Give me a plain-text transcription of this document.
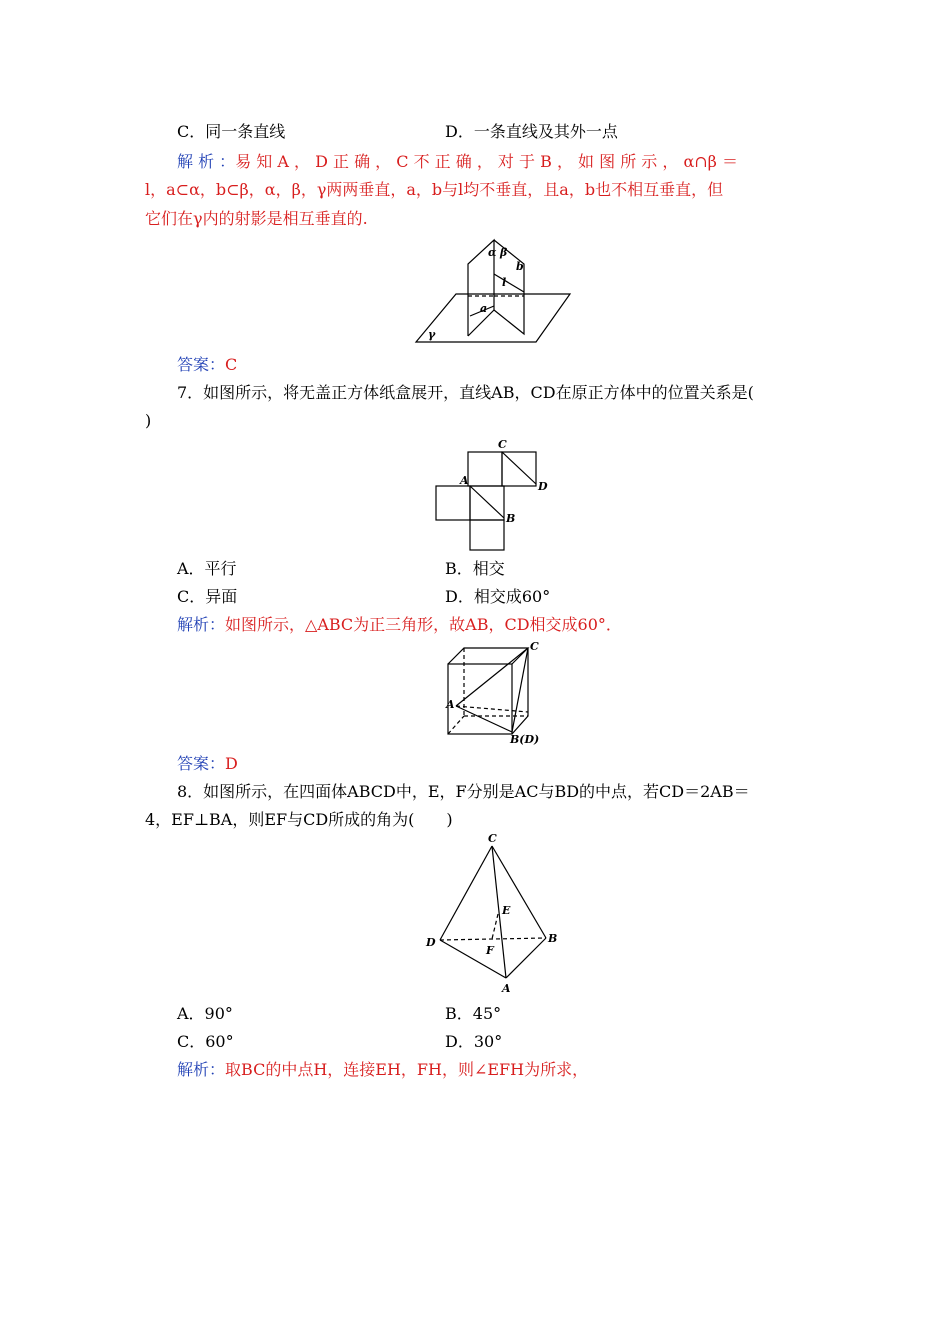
C．同一条直线	D．一条直线及其外一点
解 析 ：易 知 A ， D 正 确 ， C 不 正 确 ， 对 于 B ， 如 图 所 示 ， α∩β ＝
l，a⊂α，b⊂β，α，β，γ两两垂直，a，b与l均不垂直，且a，b也不相互垂直，但
它们在γ内的射影是相互垂直的.
α β
b
l
a
γ
答案：C
7．如图所示，将无盖正方体纸盒展开，直线AB，CD在原正方体中的位置关系是(
)
C
A	D
B
A．平行	B．相交
C．异面	D．相交成60°
解析：如图所示，△ABC为正三角形，故AB，CD相交成60°．
C
A
B(D)
答案：D
8．如图所示，在四面体ABCD中，E，F分别是AC与BD的中点，若CD＝2AB＝
4，EF⊥BA，则EF与CD所成的角为(　　)
C
E
D	B
F
A
A．90°	B．45°
C．60°	D．30°
解析：取BC的中点H，连接EH，FH，则∠EFH为所求，
